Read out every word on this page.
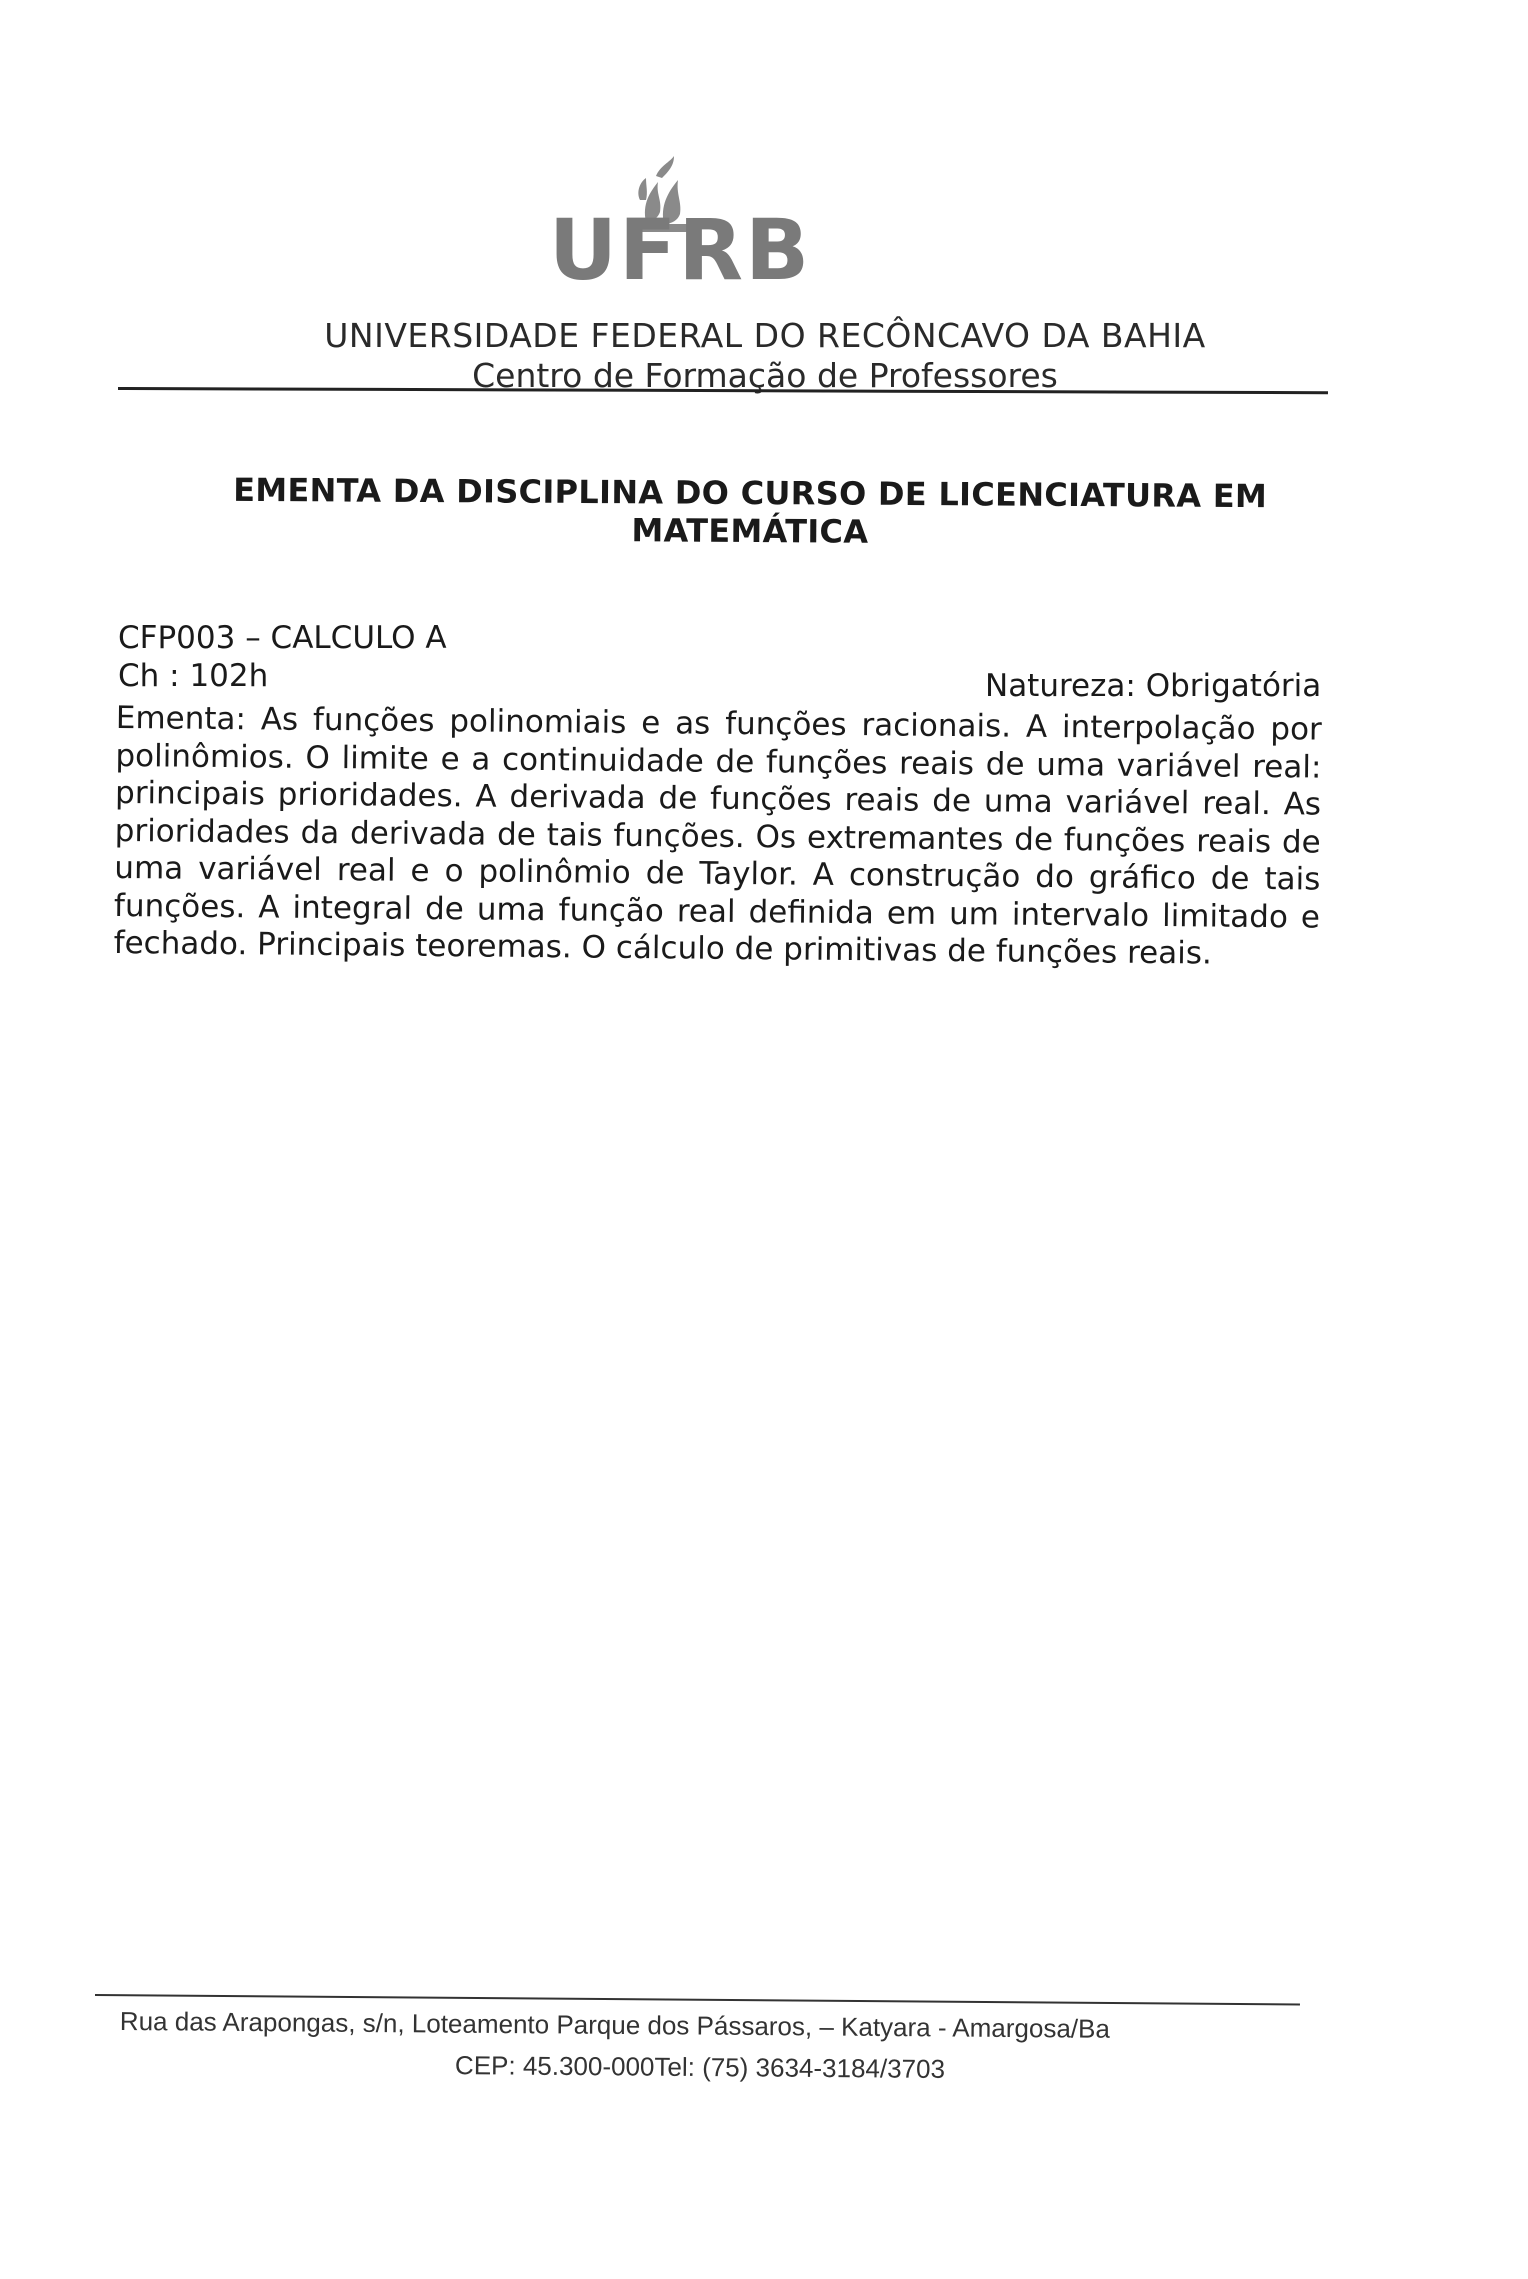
UFRB
UNIVERSIDADE FEDERAL DO RECÔNCAVO DA BAHIA
Centro de Formação de Professores
EMENTA DA DISCIPLINA DO CURSO DE LICENCIATURA EM MATEMÁTICA
CFP003 – CALCULO A
Ch : 102h	Natureza: Obrigatória
Ementa: As funções polinomiais e as funções racionais. A interpolação por polinômios. O limite e a continuidade de funções reais de uma variável real: principais prioridades. A derivada de funções reais de uma variável real. As prioridades da derivada de tais funções. Os extremantes de funções reais de uma variável real e o polinômio de Taylor. A construção do gráfico de tais funções. A integral de uma função real definida em um intervalo limitado e fechado. Principais teoremas. O cálculo de primitivas de funções reais.
Rua das Arapongas, s/n, Loteamento Parque dos Pássaros, – Katyara - Amargosa/Ba
CEP: 45.300-000Tel: (75) 3634-3184/3703
